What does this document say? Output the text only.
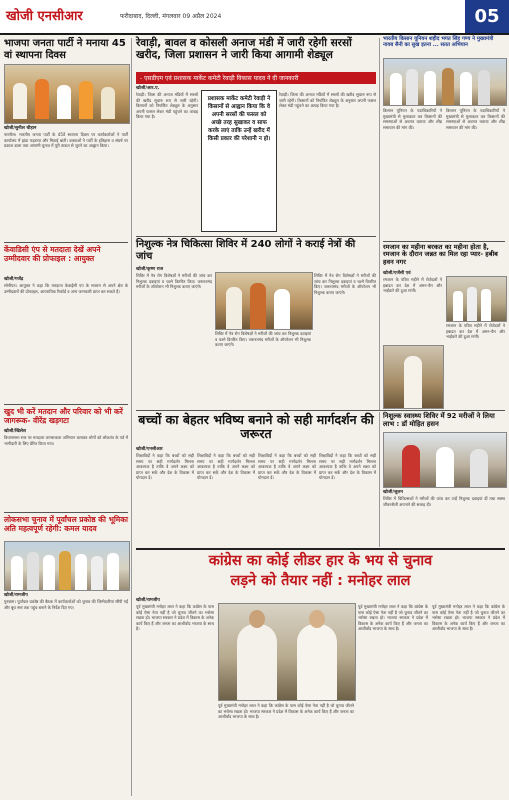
खोजी एनसीआर	फरीदाबाद, दिल्ली, मंगलवार 09 अप्रैल 2024	05
भाजपा जनता पार्टी ने मनाया 45 वां स्थापना दिवस
खोजी/सुनील चौहान
नारनौल। भारतीय जनता पार्टी के 45वें स्थापना दिवस पर कार्यकर्ताओं ने पार्टी कार्यालय में झंडा फहराया और मिठाई बांटी। वक्ताओं ने पार्टी के इतिहास व संघर्ष पर प्रकाश डाला तथा आगामी चुनाव में पूरी ताकत से जुटने का आह्वान किया।
केंवाडिसी एंप से मतदाता देखें अपने उम्मीदवार की प्रोफाइल : आयुक्त
खोजी/गजेंद्र
सोनीपत। आयुक्त ने कहा कि मतदाता केवाईसी एप के माध्यम से अपने क्षेत्र के उम्मीदवारों की प्रोफाइल, आपराधिक रिकॉर्ड व अन्य जानकारी प्राप्त कर सकते हैं।
खुद भी करें मतदान और परिवार को भी करें जागरूक- वीरेंद्र खड़गटा
खोजी/खिलेश
विधानसभा स्तर पर मतदाता जागरूकता अभियान चलाकर लोगों को लोकतंत्र के पर्व में भागीदारी के लिए प्रेरित किया गया।
लोकसभा चुनाव में पूर्वांचल प्रकोष्ठ की भूमिका अति महत्वपूर्ण रहेगी: कमल यादव
खोजी/रामजीप
गुरुग्राम। पूर्वांचल प्रकोष्ठ की बैठक में कार्यकर्ताओं को चुनाव की जिम्मेदारियां सौंपी गईं और बूथ स्तर तक पहुंच बनाने के निर्देश दिए गए।
रेवाड़ी, बावल व कोसली अनाज मंडी में जारी रहेगी सरसों खरीद, जिला प्रशासन ने जारी किया आगामी शेड्यूल
- एसडीएम एवं प्रशासक मार्केट कमेटी रेवाड़ी विकास यादव ने दी जानकारी
खोजी/आर.ए.
रेवाड़ी। जिला की अनाज मंडियों में सरसों की खरीद सुचारु रूप से जारी रहेगी। किसानों को निर्धारित शेड्यूल के अनुसार अपनी फसल लेकर मंडी पहुंचने का आग्रह किया गया है।
प्रशासक मार्केट कमेटी रेवाड़ी ने किसानों से आह्वान किया कि वे अपनी सरसों की फसल को अच्छे तरह सुखाकर व साफ करके लाएं ताकि उन्हें खरीद में किसी प्रकार की परेशानी न हो।
रेवाड़ी। जिला की अनाज मंडियों में सरसों की खरीद सुचारु रूप से जारी रहेगी। किसानों को निर्धारित शेड्यूल के अनुसार अपनी फसल लेकर मंडी पहुंचने का आग्रह किया गया है।
निशुल्क नेत्र चिकित्सा शिविर में 240 लोगों ने कराई नेत्रों की जांच
खोजी/कृष्ण राज
शिविर में नेत्र रोग विशेषज्ञों ने मरीजों की जांच कर निशुल्क दवाइयां व चश्मे वितरित किए। जरूरतमंद मरीजों के ऑपरेशन भी निशुल्क कराए जाएंगे।
शिविर में नेत्र रोग विशेषज्ञों ने मरीजों की जांच कर निशुल्क दवाइयां व चश्मे वितरित किए। जरूरतमंद मरीजों के ऑपरेशन भी निशुल्क कराए जाएंगे।
शिविर में नेत्र रोग विशेषज्ञों ने मरीजों की जांच कर निशुल्क दवाइयां व चश्मे वितरित किए। जरूरतमंद मरीजों के ऑपरेशन भी निशुल्क कराए जाएंगे।
भारतीय किसान यूनियन शहीद भगत सिंह गण्य ने मुख्यमंत्री नायब सैनी का सुख इतना ... सतत अभियान
किसान यूनियन के पदाधिकारियों ने मुख्यमंत्री से मुलाकात कर किसानों की समस्याओं से अवगत कराया और शीघ्र समाधान की मांग की।
किसान यूनियन के पदाधिकारियों ने मुख्यमंत्री से मुलाकात कर किसानों की समस्याओं से अवगत कराया और शीघ्र समाधान की मांग की।
रमजान का महीना बरकत का महीना होता है, रमजान के दौरान जन्नत का मिल रहा प्यार- हबीब हवन नगर
खोजी/एजेंसी एवं
रमजान के पवित्र महीने में रोजेदारों ने इबादत कर देश में अमन-चैन और भाईचारे की दुआ मांगी।
रमजान के पवित्र महीने में रोजेदारों ने इबादत कर देश में अमन-चैन और भाईचारे की दुआ मांगी।
बच्चों का बेहतर भविष्य बनाने को सही मार्गदर्शन की जरूरत
खोजी/एनसीआर
शिक्षाविदों ने कहा कि बच्चों को सही समय पर सही मार्गदर्शन मिलना आवश्यक है ताकि वे अपने लक्ष्य को प्राप्त कर सकें और देश के विकास में योगदान दें।
शिक्षाविदों ने कहा कि बच्चों को सही समय पर सही मार्गदर्शन मिलना आवश्यक है ताकि वे अपने लक्ष्य को प्राप्त कर सकें और देश के विकास में योगदान दें।
शिक्षाविदों ने कहा कि बच्चों को सही समय पर सही मार्गदर्शन मिलना आवश्यक है ताकि वे अपने लक्ष्य को प्राप्त कर सकें और देश के विकास में योगदान दें।
शिक्षाविदों ने कहा कि बच्चों को सही समय पर सही मार्गदर्शन मिलना आवश्यक है ताकि वे अपने लक्ष्य को प्राप्त कर सकें और देश के विकास में योगदान दें।
निशुल्क स्वास्थ्य शिविर में 92 मरीजों ने लिया लाभ : डॉ मोहित हसन
खोजी/जुलन
शिविर में चिकित्सकों ने मरीजों की जांच कर उन्हें निशुल्क दवाइयां दीं तथा स्वस्थ जीवनशैली अपनाने की सलाह दी।
कांग्रेस का कोई लीडर हार के भय से चुनाव
लड़ने को तैयार नहीं : मनोहर लाल
खोजी/रामजीप
पूर्व मुख्यमंत्री मनोहर लाल ने कहा कि कांग्रेस के पास कोई ऐसा नेता नहीं है जो चुनाव जीतने का भरोसा रखता हो। भाजपा सरकार ने प्रदेश में विकास के अनेक कार्य किए हैं और जनता का आशीर्वाद भाजपा के साथ है।
पूर्व मुख्यमंत्री मनोहर लाल ने कहा कि कांग्रेस के पास कोई ऐसा नेता नहीं है जो चुनाव जीतने का भरोसा रखता हो। भाजपा सरकार ने प्रदेश में विकास के अनेक कार्य किए हैं और जनता का आशीर्वाद भाजपा के साथ है।
पूर्व मुख्यमंत्री मनोहर लाल ने कहा कि कांग्रेस के पास कोई ऐसा नेता नहीं है जो चुनाव जीतने का भरोसा रखता हो। भाजपा सरकार ने प्रदेश में विकास के अनेक कार्य किए हैं और जनता का आशीर्वाद भाजपा के साथ है।
पूर्व मुख्यमंत्री मनोहर लाल ने कहा कि कांग्रेस के पास कोई ऐसा नेता नहीं है जो चुनाव जीतने का भरोसा रखता हो। भाजपा सरकार ने प्रदेश में विकास के अनेक कार्य किए हैं और जनता का आशीर्वाद भाजपा के साथ है।
